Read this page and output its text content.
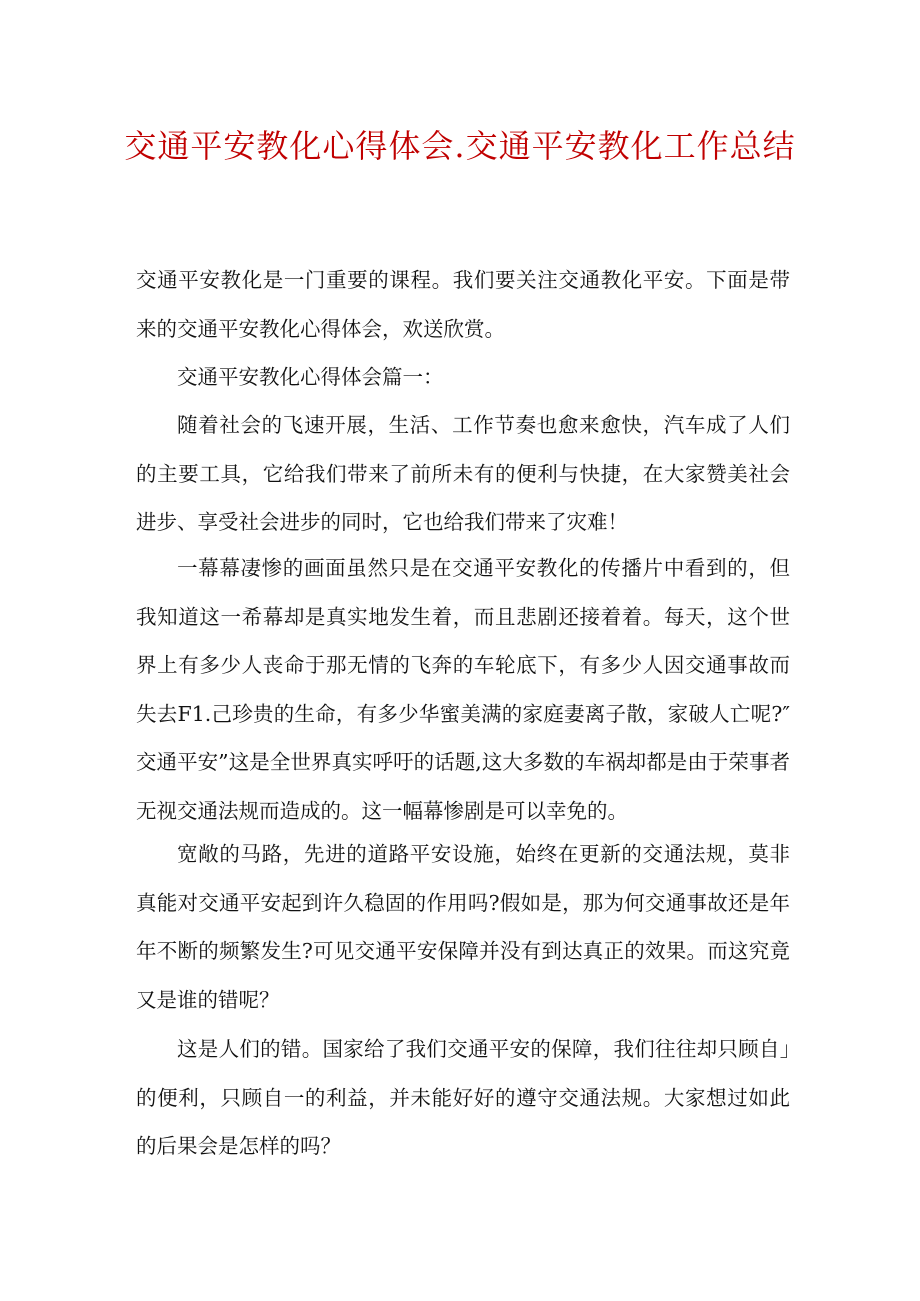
交通平安教化心得体会.交通平安教化工作总结

交通平安教化是一门重要的课程。我们要关注交通教化平安。下面是带来的交通平安教化心得体会，欢送欣赏。

交通平安教化心得体会篇一：

随着社会的飞速开展，生活、工作节奏也愈来愈快，汽车成了人们的主要工具，它给我们带来了前所未有的便利与快捷，在大家赞美社会进步、享受社会进步的同时，它也给我们带来了灾难！

一幕幕凄惨的画面虽然只是在交通平安教化的传播片中看到的，但我知道这一希幕却是真实地发生着，而且悲剧还接着着。每天，这个世界上有多少人丧命于那无情的飞奔的车轮底下，有多少人因交通事故而失去F1.己珍贵的生命，有多少华蜜美满的家庭妻离子散，家破人亡呢?″交通平安”这是全世界真实呼吁的话题,这大多数的车祸却都是由于荣事者无视交通法规而造成的。这一幅幕惨剧是可以幸免的。

宽敞的马路，先进的道路平安设施，始终在更新的交通法规，莫非真能对交通平安起到许久稳固的作用吗?假如是，那为何交通事故还是年年不断的频繁发生?可见交通平安保障并没有到达真正的效果。而这究竟又是谁的错呢？

这是人们的错。国家给了我们交通平安的保障，我们往往却只顾自」的便利，只顾自一的利益，并未能好好的遵守交通法规。大家想过如此的后果会是怎样的吗？
